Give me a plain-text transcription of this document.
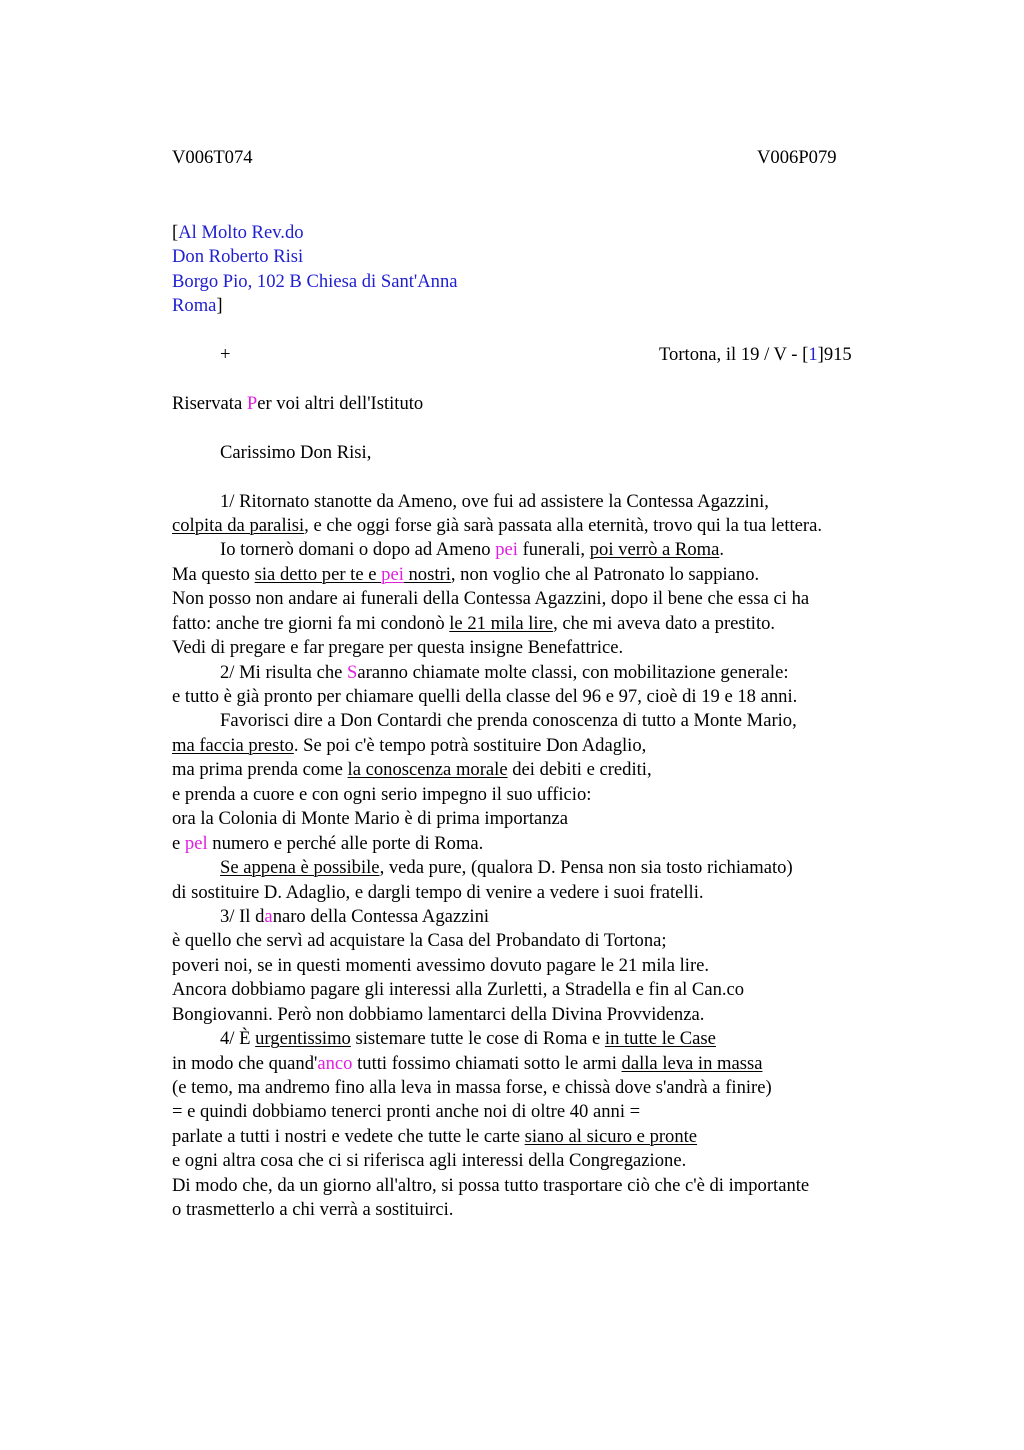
V006T074	V006P079
[Al Molto Rev.do
Don Roberto Risi
Borgo Pio, 102 B Chiesa di Sant'Anna
Roma]
+	Tortona, il 19 / V - [1]915
Riservata Per voi altri dell'Istituto
Carissimo Don Risi,
1/ Ritornato stanotte da Ameno, ove fui ad assistere la Contessa Agazzini,
colpita da paralisi, e che oggi forse già sarà passata alla eternità, trovo qui la tua lettera.
Io tornerò domani o dopo ad Ameno pei funerali, poi verrò a Roma.
Ma questo sia detto per te e pei nostri, non voglio che al Patronato lo sappiano.
Non posso non andare ai funerali della Contessa Agazzini, dopo il bene che essa ci ha
fatto: anche tre giorni fa mi condonò le 21 mila lire, che mi aveva dato a prestito.
Vedi di pregare e far pregare per questa insigne Benefattrice.
2/ Mi risulta che Saranno chiamate molte classi, con mobilitazione generale:
e tutto è già pronto per chiamare quelli della classe del 96 e 97, cioè di 19 e 18 anni.
Favorisci dire a Don Contardi che prenda conoscenza di tutto a Monte Mario,
ma faccia presto. Se poi c'è tempo potrà sostituire Don Adaglio,
ma prima prenda come la conoscenza morale dei debiti e crediti,
e prenda a cuore e con ogni serio impegno il suo ufficio:
ora la Colonia di Monte Mario è di prima importanza
e pel numero e perché alle porte di Roma.
Se appena è possibile, veda pure, (qualora D. Pensa non sia tosto richiamato)
di sostituire D. Adaglio, e dargli tempo di venire a vedere i suoi fratelli.
3/ Il danaro della Contessa Agazzini
è quello che servì ad acquistare la Casa del Probandato di Tortona;
poveri noi, se in questi momenti avessimo dovuto pagare le 21 mila lire.
Ancora dobbiamo pagare gli interessi alla Zurletti, a Stradella e fin al Can.co
Bongiovanni. Però non dobbiamo lamentarci della Divina Provvidenza.
4/ È urgentissimo sistemare tutte le cose di Roma e in tutte le Case
in modo che quand'anco tutti fossimo chiamati sotto le armi dalla leva in massa
(e temo, ma andremo fino alla leva in massa forse, e chissà dove s'andrà a finire)
= e quindi dobbiamo tenerci pronti anche noi di oltre 40 anni =
parlate a tutti i nostri e vedete che tutte le carte siano al sicuro e pronte
e ogni altra cosa che ci si riferisca agli interessi della Congregazione.
Di modo che, da un giorno all'altro, si possa tutto trasportare ciò che c'è di importante
o trasmetterlo a chi verrà a sostituirci.
